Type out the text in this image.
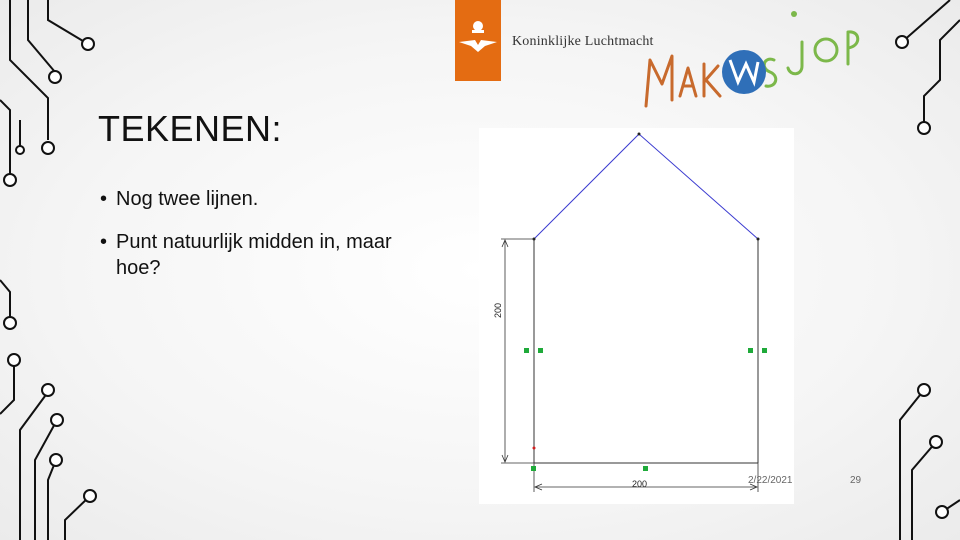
Koninklijke Luchtmacht
MAKERSJOP
TEKENEN:
• Nog twee lijnen.
• Punt natuurlijk midden in, maar hoe?
200
200	2/22/2021	29
